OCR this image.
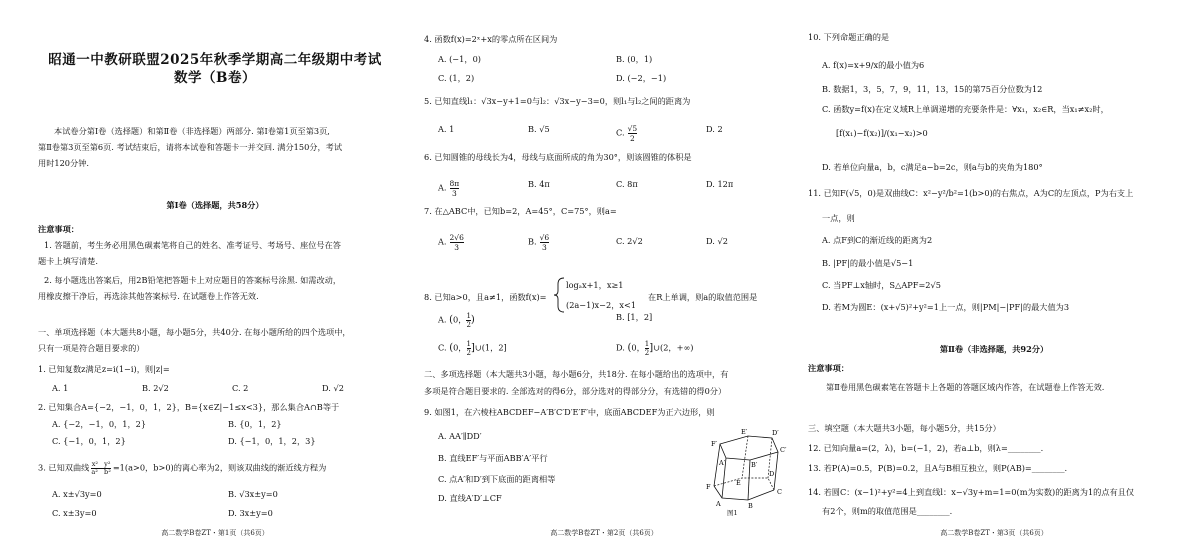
昭通一中教研联盟2025年秋季学期高二年级期中考试

数学（B卷）

本试卷分第Ⅰ卷（选择题）和第Ⅱ卷（非选择题）两部分. 第Ⅰ卷第1页至第3页,

第Ⅱ卷第3页至第6页. 考试结束后，请将本试卷和答题卡一并交回. 满分150分，考试

用时120分钟.

第Ⅰ卷（选择题，共58分）

注意事项：

1. 答题前，考生务必用黑色碳素笔将自己的姓名、准考证号、考场号、座位号在答

题卡上填写清楚.

2. 每小题选出答案后，用2B铅笔把答题卡上对应题目的答案标号涂黑. 如需改动，

用橡皮擦干净后，再选涂其他答案标号. 在试题卷上作答无效.

一、单项选择题（本大题共8小题，每小题5分，共40分. 在每小题所给的四个选项中，

只有一项是符合题目要求的）

1. 已知复数z满足z=i(1−i)，则|z|=

A. 1	B. 2√2	C. 2	D. √2

2. 已知集合A={−2，−1，0，1，2}，B={x∈Z|−1≤x<3}，那么集合A∩B等于

A. {−2，−1，0，1，2}	B. {0，1，2}

C. {−1，0，1，2}	D. {−1，0，1，2，3}

3. 已知双曲线 $\frac{\text{x²   y²}}{\text{a²   b²}} =1(a>0$，b>0)的离心率为2，则该双曲线的渐近线方程为

A. x±√3y=0	B. √3x±y=0

C. x±3y=0	D. 3x±y=0

高二数学B卷ZT・第1页（共6页）

4. 函数f(x)=2ˣ+x的零点所在区间为

A. (−1，0)	B. (0，1)

C. (1，2)	D. (−2，−1)

5. 已知直线l₁：√3x−y+1=0与l₂：√3x−y−3=0，则l₁与l₂之间的距离为

A. 1	B. √5	C. $\frac{√5}{2}$	D. 2

6. 已知圆锥的母线长为4，母线与底面所成的角为30°，则该圆锥的体积是

A. $\frac{8\pi}{3}$	B. 4π	C. 8π	D. 12π

7. 在△ABC中，已知b=2，A=45°，C=75°，则a=

A. $\frac{2√6}{3}$	B. $\frac{√6}{3}$	C. 2√2	D. √2

8. 已知a>0，且a≠1，函数f(x)=

logₐx+1，x≥1

(2a−1)x−2，x<1

在R上单调，则a的取值范围是

A. (0， $\frac{1}{2}$ )	B. [1，2]

C. (0， $\frac{1}{2}$ ]∪(1，2]	D. (0， $\frac{1}{2}$ ]∪(2，+∞)

二、多项选择题（本大题共3小题，每小题6分，共18分. 在每小题给出的选项中，有

多项是符合题目要求的. 全部选对的得6分，部分选对的得部分分，有选错的得0分）

9. 如图1，在六棱柱ABCDEF−A′B′C′D′E′F′中，底面ABCDEF为正六边形，则

A. AA′∥DD′

B. 直线EF′与平面ABB′A′平行

C. 点A′和D′到下底面的距离相等

D. 直线A′D′⊥CF

E′	D′
F′
C′
A′	B′
E
D
F
C
A	B

图1

高二数学B卷ZT・第2页（共6页）

10. 下列命题正确的是

A. f(x)=x+9/x的最小值为6

B. 数据1，3，5，7，9，11，13，15的第75百分位数为12

C. 函数y=f(x)在定义域R上单调递增的充要条件是：∀x₁，x₂∈R，当x₁≠x₂时，

[f(x₁)−f(x₂)]/(x₁−x₂)>0

D. 若单位向量a，b，c满足a−b=2c，则a与b的夹角为180°

11. 已知F(√5，0)是双曲线C：x²−y²/b²=1(b>0)的右焦点，A为C的左顶点，P为右支上

一点，则

A. 点F到C的渐近线的距离为2

B. |PF|的最小值是√5−1

C. 当PF⊥x轴时，S△APF=2√5

D. 若M为圆E：(x+√5)²+y²=1上一点，则|PM|−|PF|的最大值为3

第Ⅱ卷（非选择题，共92分）

注意事项：

第Ⅱ卷用黑色碳素笔在答题卡上各题的答题区域内作答，在试题卷上作答无效.

三、填空题（本大题共3小题，每小题5分，共15分）

12. 已知向量a=(2，λ)，b=(−1，2)，若a⊥b，则λ=________.

13. 若P(A)=0.5，P(B)=0.2，且A与B相互独立，则P(AB)=________.

14. 若圆C：(x−1)²+y²=4上到直线l：x−√3y+m=1=0(m为实数)的距离为1的点有且仅

有2个，则m的取值范围是________.

高二数学B卷ZT・第3页（共6页）
